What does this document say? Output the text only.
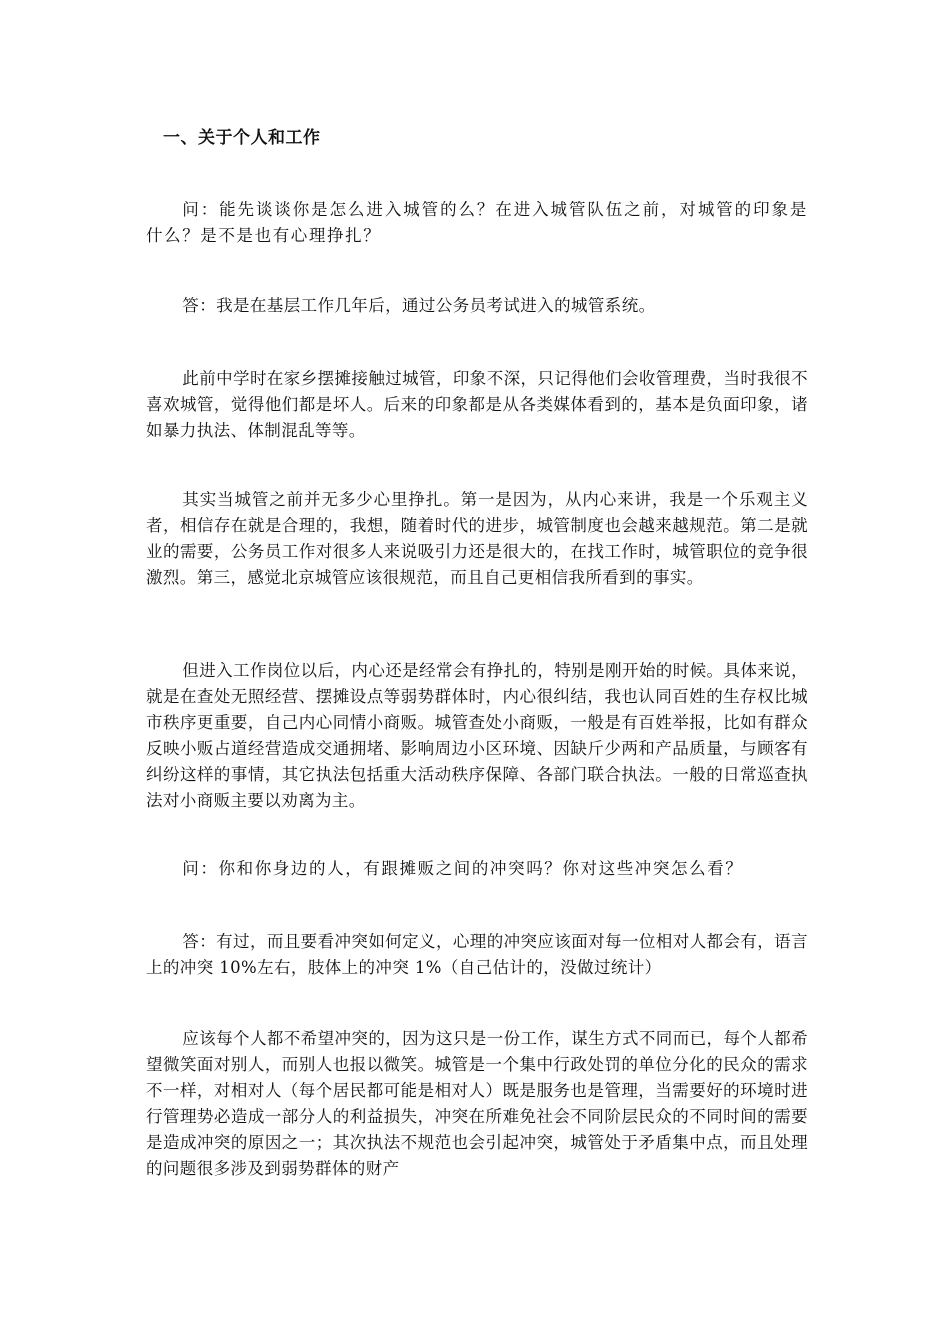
一、关于个人和工作

问：能先谈谈你是怎么进入城管的么？在进入城管队伍之前，对城管的印象是什么？是不是也有心理挣扎？

答：我是在基层工作几年后，通过公务员考试进入的城管系统。

此前中学时在家乡摆摊接触过城管，印象不深，只记得他们会收管理费，当时我很不喜欢城管，觉得他们都是坏人。后来的印象都是从各类媒体看到的，基本是负面印象，诸如暴力执法、体制混乱等等。

其实当城管之前并无多少心里挣扎。第一是因为，从内心来讲，我是一个乐观主义者，相信存在就是合理的，我想，随着时代的进步，城管制度也会越来越规范。第二是就业的需要，公务员工作对很多人来说吸引力还是很大的，在找工作时，城管职位的竞争很激烈。第三，感觉北京城管应该很规范，而且自己更相信我所看到的事实。

但进入工作岗位以后，内心还是经常会有挣扎的，特别是刚开始的时候。具体来说，就是在查处无照经营、摆摊设点等弱势群体时，内心很纠结，我也认同百姓的生存权比城市秩序更重要，自己内心同情小商贩。城管查处小商贩，一般是有百姓举报，比如有群众反映小贩占道经营造成交通拥堵、影响周边小区环境、因缺斤少两和产品质量，与顾客有纠纷这样的事情，其它执法包括重大活动秩序保障、各部门联合执法。一般的日常巡查执法对小商贩主要以劝离为主。

问：你和你身边的人，有跟摊贩之间的冲突吗？你对这些冲突怎么看？

答：有过，而且要看冲突如何定义，心理的冲突应该面对每一位相对人都会有，语言上的冲突 10%左右，肢体上的冲突 1%（自己估计的，没做过统计）

应该每个人都不希望冲突的，因为这只是一份工作，谋生方式不同而已，每个人都希望微笑面对别人，而别人也报以微笑。城管是一个集中行政处罚的单位分化的民众的需求不一样，对相对人（每个居民都可能是相对人）既是服务也是管理，当需要好的环境时进行管理势必造成一部分人的利益损失，冲突在所难免社会不同阶层民众的不同时间的需要是造成冲突的原因之一；其次执法不规范也会引起冲突，城管处于矛盾集中点，而且处理的问题很多涉及到弱势群体的财产
